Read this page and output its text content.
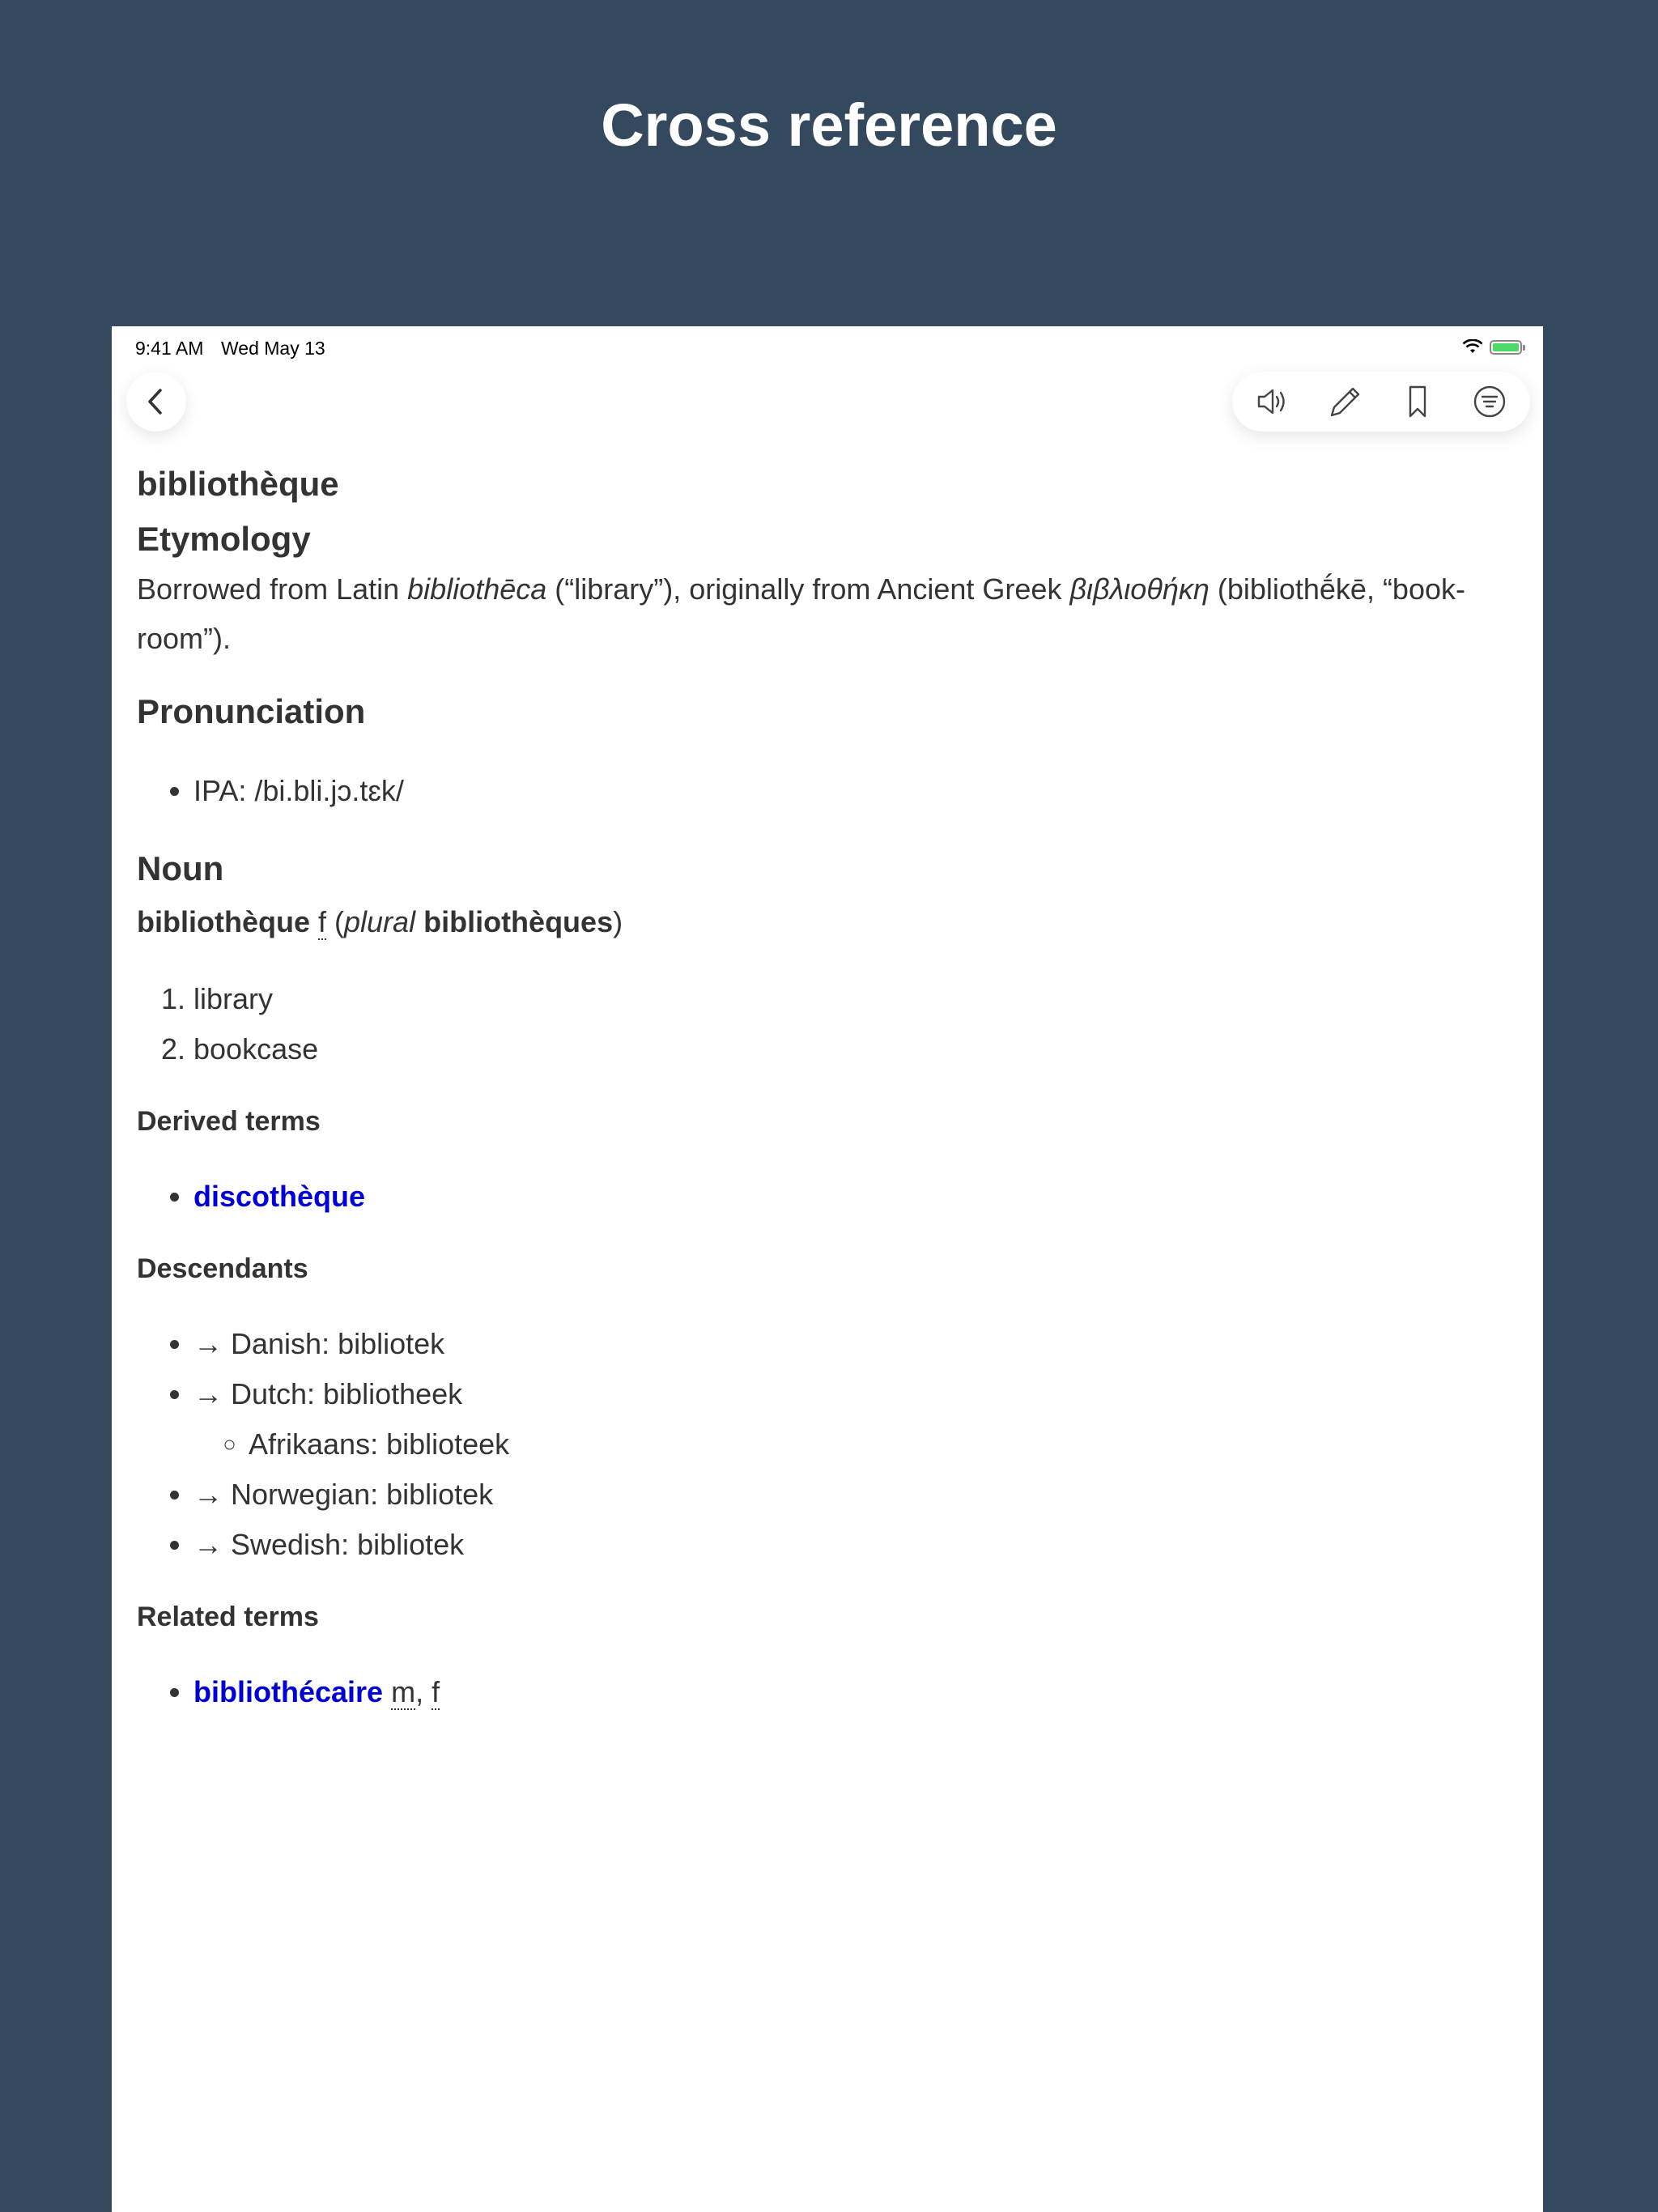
Cross reference
9:41 AM Wed May 13
bibliothèque
Etymology

Borrowed from Latin bibliothēca (“library”), originally from Ancient Greek βιβλιοθήκη (bibliothḗkē, “book-room”).

Pronunciation
• IPA: /bi.bli.jɔ.tɛk/
Noun

bibliothèque f (plural bibliothèques)

1. library
2. bookcase
Derived terms
• discothèque
Descendants
• → Danish: bibliotek
• → Dutch: bibliotheek
◦ Afrikaans: biblioteek
• → Norwegian: bibliotek
• → Swedish: bibliotek
Related terms
• bibliothécaire m, f
